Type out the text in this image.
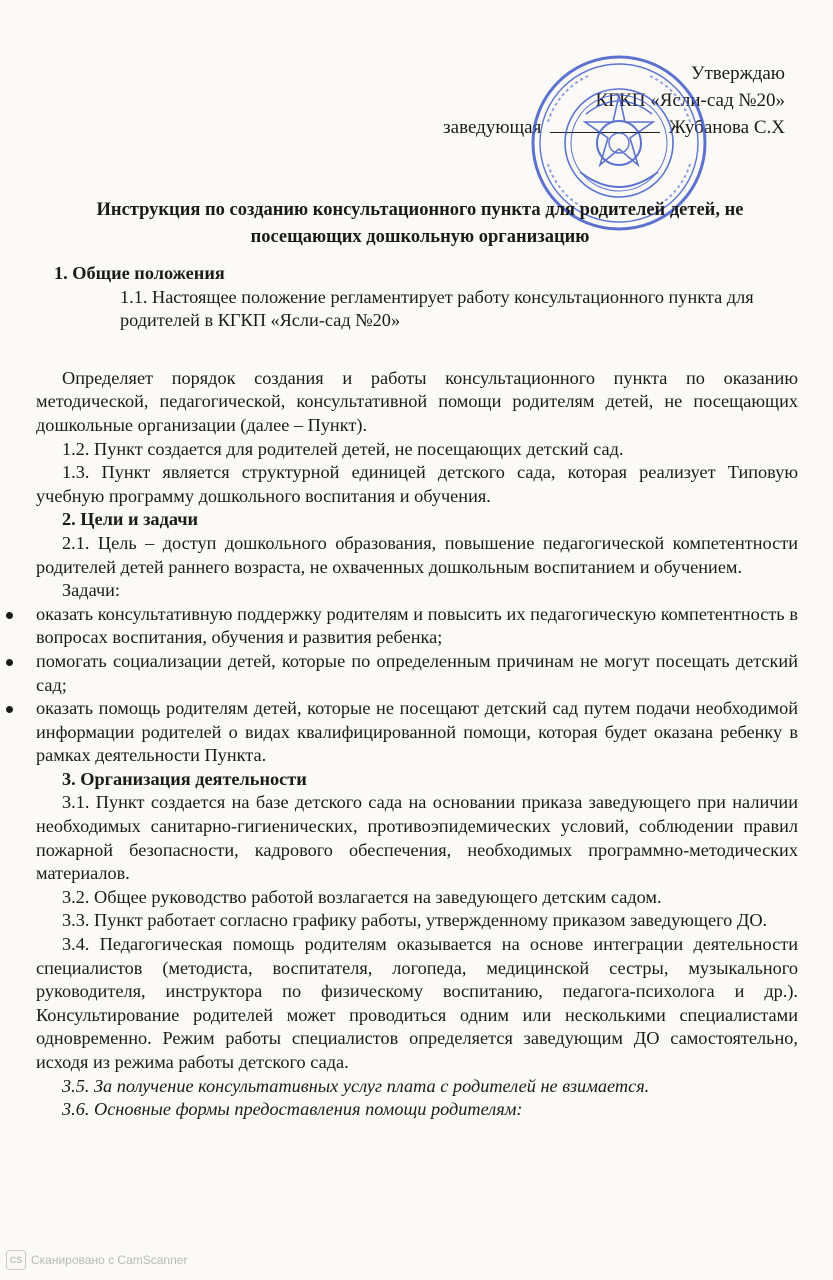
Утверждаю
КГКП «Ясли-сад №20»
заведующая	Жубанова С.Х
Инструкция по созданию консультационного пункта для родителей детей, не
посещающих дошкольную организацию

1. Общие положения

1.1. Настоящее положение регламентирует работу консультационного пункта для родителей в КГКП «Ясли-сад №20»

Определяет порядок создания и работы консультационного пункта по оказанию методической, педагогической, консультативной помощи родителям детей, не посещающих дошкольные организации (далее – Пункт).

1.2. Пункт создается для родителей детей, не посещающих детский сад.

1.3. Пункт является структурной единицей детского сада, которая реализует Типовую учебную программу дошкольного воспитания и обучения.

2. Цели и задачи

2.1. Цель – доступ дошкольного образования, повышение педагогической компетентности родителей детей раннего возраста, не охваченных дошкольным воспитанием и обучением.

Задачи:

оказать консультативную поддержку родителям и повысить их педагогическую компетентность в вопросах воспитания, обучения и развития ребенка;
помогать социализации детей, которые по определенным причинам не могут посещать детский сад;
оказать помощь родителям детей, которые не посещают детский сад путем подачи необходимой информации родителей о видах квалифицированной помощи, которая будет оказана ребенку в рамках деятельности Пункта.

3. Организация деятельности

3.1. Пункт создается на базе детского сада на основании приказа заведующего при наличии необходимых санитарно-гигиенических, противоэпидемических условий, соблюдении правил пожарной безопасности, кадрового обеспечения, необходимых программно-методических материалов.

3.2. Общее руководство работой возлагается на заведующего детским садом.

3.3. Пункт работает согласно графику работы, утвержденному приказом заведующего ДО.

3.4. Педагогическая помощь родителям оказывается на основе интеграции деятельности специалистов (методиста, воспитателя, логопеда, медицинской сестры, музыкального руководителя, инструктора по физическому воспитанию, педагога-психолога и др.). Консультирование родителей может проводиться одним или несколькими специалистами одновременно. Режим работы специалистов определяется заведующим ДО самостоятельно, исходя из режима работы детского сада.

3.5. За получение консультативных услуг плата с родителей не взимается.

3.6. Основные формы предоставления помощи родителям:

CS Сканировано с CamScanner
